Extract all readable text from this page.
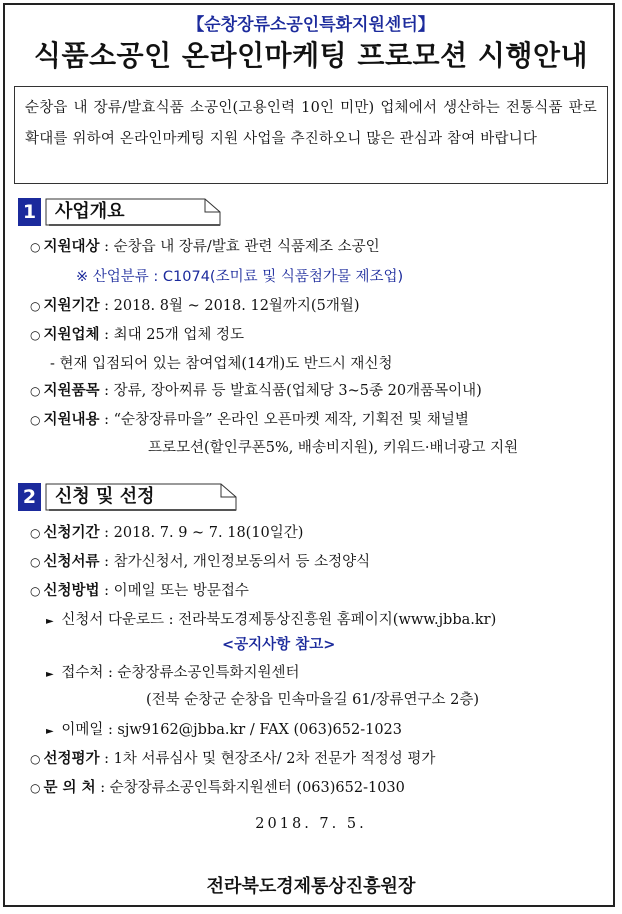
【순창장류소공인특화지원센터】
식품소공인 온라인마케팅 프로모션 시행안내
순창읍 내 장류/발효식품 소공인(고용인력 10인 미만) 업체에서 생산하는 전통식품 판로확대를 위하여 온라인마케팅 지원 사업을 추진하오니 많은 관심과 참여 바랍니다
1	사업개요
○ 지원대상 : 순창읍 내 장류/발효 관련 식품제조 소공인
※ 산업분류 : C1074(조미료 및 식품첨가물 제조업)
○ 지원기간 : 2018. 8월 ~ 2018. 12월까지(5개월)
○ 지원업체 : 최대 25개 업체 정도
- 현재 입점되어 있는 참여업체(14개)도 반드시 재신청
○ 지원품목 : 장류, 장아찌류 등 발효식품(업체당 3~5종 20개품목이내)
○ 지원내용 : “순창장류마을” 온라인 오픈마켓 제작, 기획전 및 채널별
프로모션(할인쿠폰5%, 배송비지원), 키워드·배너광고 지원
2	신청 및 선정
○ 신청기간 : 2018. 7. 9 ~ 7. 18(10일간)
○ 신청서류 : 참가신청서, 개인정보동의서 등 소정양식
○ 신청방법 : 이메일 또는 방문접수
► 신청서 다운로드 : 전라북도경제통상진흥원 홈페이지(www.jbba.kr)
<공지사항 참고>
► 접수처 : 순창장류소공인특화지원센터
(전북 순창군 순창읍 민속마을길 61/장류연구소 2층)
► 이메일 : sjw9162@jbba.kr / FAX (063)652-1023
○ 선정평가 : 1차 서류심사 및 현장조사/ 2차 전문가 적정성 평가
○ 문 의 처 : 순창장류소공인특화지원센터 (063)652-1030
2018. 7. 5.
전라북도경제통상진흥원장
